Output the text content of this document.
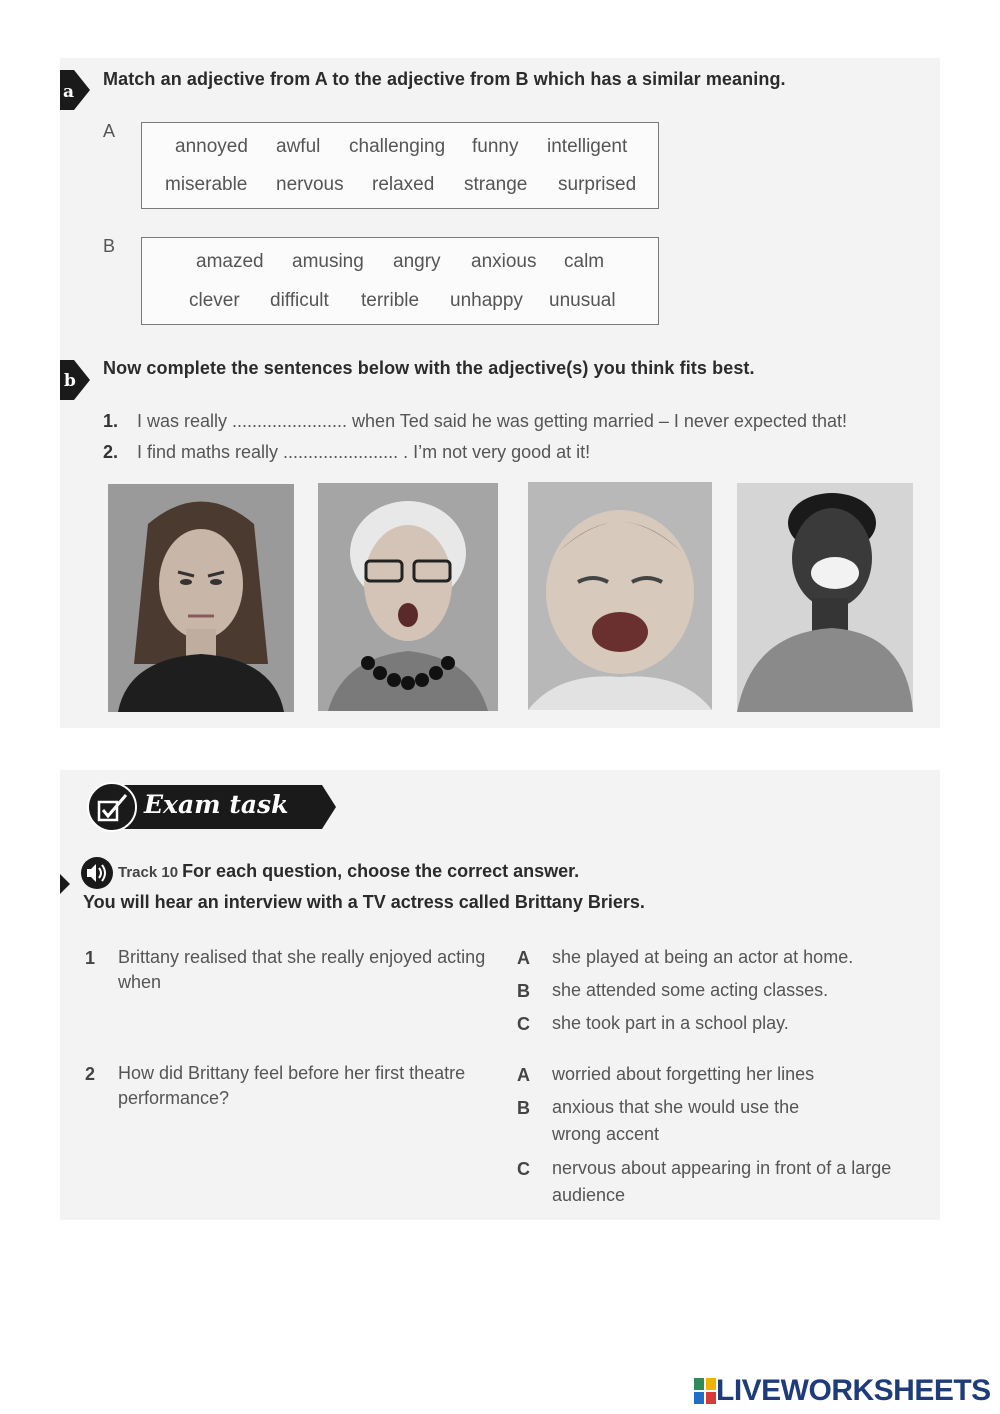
a
Match an adjective from A to the adjective from B which has a similar meaning.
A
annoyed awful challenging funny intelligent
miserable nervous relaxed strange surprised
B
amazed amusing angry anxious calm
clever difficult terrible unhappy unusual
b
Now complete the sentences below with the adjective(s) you think fits best.
1. I was really ....................... when Ted said he was getting married – I never expected that!
2. I find maths really ....................... . I’m not very good at it!
Exam task
Track 10 For each question, choose the correct answer.
You will hear an interview with a TV actress called Brittany Briers.
1 Brittany realised that she really enjoyed acting when
A she played at being an actor at home.
B she attended some acting classes.
C she took part in a school play.
2 How did Brittany feel before her first theatre performance?
A worried about forgetting her lines
B anxious that she would use the wrong accent
C nervous about appearing in front of a large audience
LIVEWORKSHEETS
